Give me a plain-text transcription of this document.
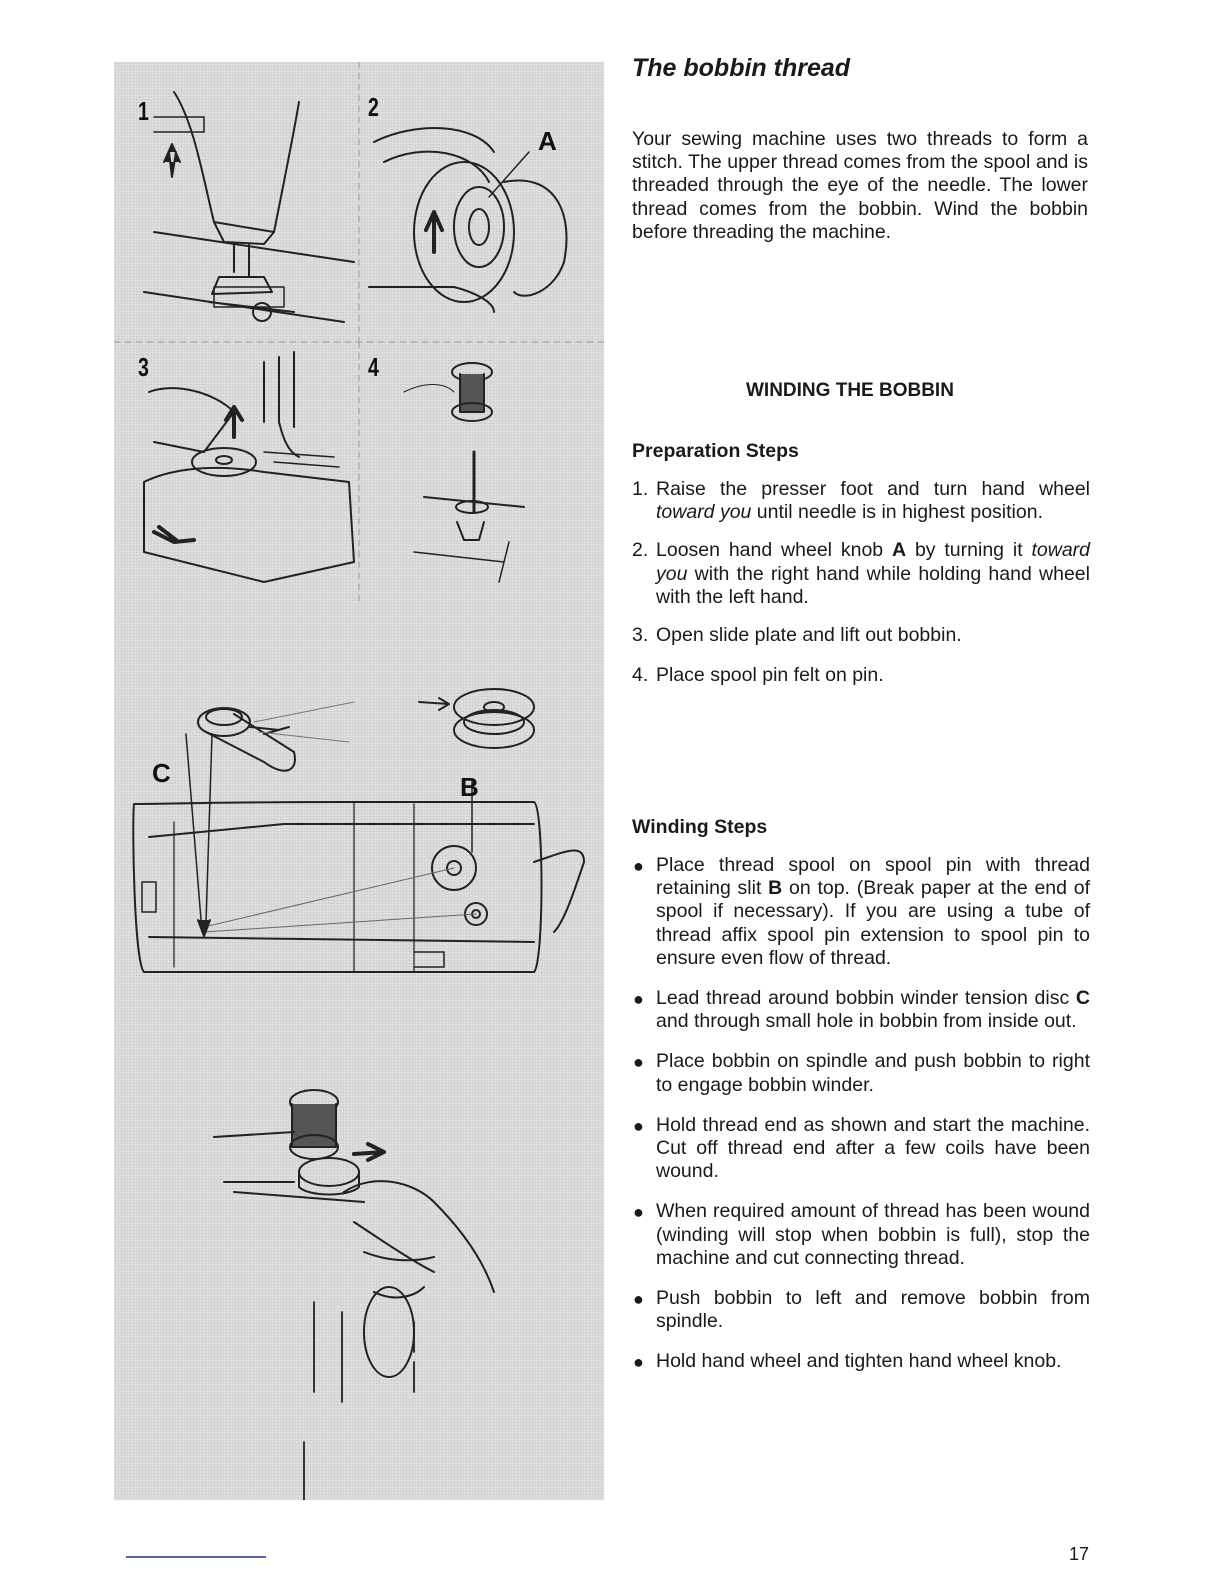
1	2
3	4
A
B
C
The bobbin thread

Your sewing machine uses two threads to form a stitch. The upper thread comes from the spool and is threaded through the eye of the needle. The lower thread comes from the bobbin. Wind the bobbin before threading the machine.

WINDING THE BOBBIN
Preparation Steps
1. Raise the presser foot and turn hand wheel toward you until needle is in highest position.
2. Loosen hand wheel knob A by turning it toward you with the right hand while holding hand wheel with the left hand.
3. Open slide plate and lift out bobbin.
4. Place spool pin felt on pin.
Winding Steps
● Place thread spool on spool pin with thread retaining slit B on top. (Break paper at the end of spool if necessary). If you are using a tube of thread affix spool pin extension to spool pin to ensure even flow of thread.
● Lead thread around bobbin winder tension disc C and through small hole in bobbin from inside out.
● Place bobbin on spindle and push bobbin to right to engage bobbin winder.
● Hold thread end as shown and start the machine. Cut off thread end after a few coils have been wound.
● When required amount of thread has been wound (winding will stop when bobbin is full), stop the machine and cut connecting thread.
● Push bobbin to left and remove bobbin from spindle.
● Hold hand wheel and tighten hand wheel knob.

17
